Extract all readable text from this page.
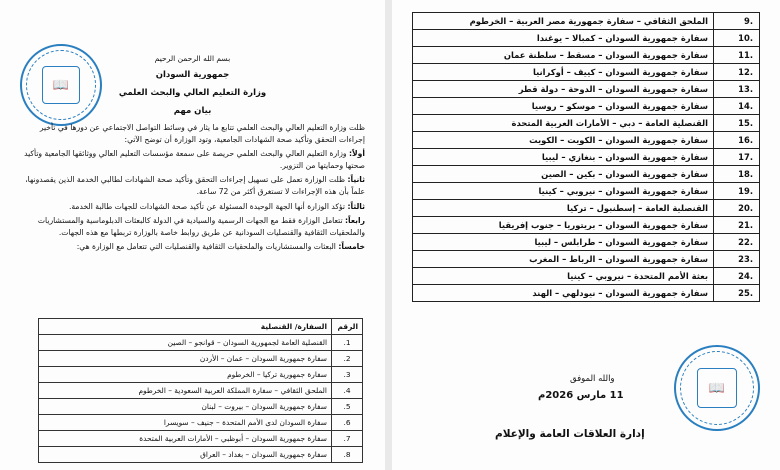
📖
بسم الله الرحمن الرحيم
جمهورية السودان
وزارة التعليم العالي والبحث العلمي
بيان مهم

ظلت وزارة التعليم العالي والبحث العلمي تتابع ما يثار في وسائط التواصل الاجتماعي عن دورها في تأخير إجراءات التحقق وتأكيد صحة الشهادات الجامعية، وتود الوزارة أن توضح الآتي:

أولاً: وزارة التعليم العالي والبحث العلمي حريصة على سمعة مؤسسات التعليم العالي ووثائقها الجامعية وتأكيد صحتها وحمايتها من التزوير.

ثانياً: ظلت الوزارة تعمل على تسهيل إجراءات التحقق وتأكيد صحة الشهادات لطالبي الخدمة الذين يقصدونها، علماً بأن هذه الإجراءات لا تستغرق أكثر من 72 ساعة.

ثالثاً: تؤكد الوزارة أنها الجهة الوحيدة المسئولة عن تأكيد صحة الشهادات للجهات طالبة الخدمة.

رابعاً: تتعامل الوزارة فقط مع الجهات الرسمية والسيادية في الدولة كالبعثات الدبلوماسية والمستشاريات والملحقيات الثقافية والقنصليات السودانية عن طريق روابط خاصة بالوزارة تربطها مع هذه الجهات.

خامساً: البعثات والمستشاريات والملحقيات الثقافية والقنصليات التي تتعامل مع الوزارة هي:

الرقم	السفارة/ القنصلية
1.	القنصلية العامة لجمهورية السودان – قوانجو – الصين
2.	سفارة جمهورية السودان – عمان – الأردن
3.	سفارة جمهورية تركيا – الخرطوم
4.	الملحق الثقافي – سفارة المملكة العربية السعودية – الخرطوم
5.	سفارة جمهورية السودان – بيروت – لبنان
6.	سفارة السودان لدى الأمم المتحدة – جنيف – سويسرا
7.	سفارة جمهورية السودان – أبوظبي – الأمارات العربية المتحدة
8.	سفارة جمهورية السودان – بغداد – العراق
.9	الملحق الثقافي – سفارة جمهورية مصر العربية – الخرطوم
.10	سفارة جمهورية السودان – كمبالا – يوغندا
.11	سفارة جمهورية السودان – مسقط – سلطنة عمان
.12	سفارة جمهورية السودان – كييف – أوكرانيا
.13	سفارة جمهورية السودان – الدوحة – دولة قطر
.14	سفارة جمهورية السودان – موسكو – روسيا
.15	القنصلية العامة – دبي – الأمارات العربية المتحدة
.16	سفارة جمهورية السودان – الكويت – الكويت
.17	سفارة جمهورية السودان – بنغازي – ليبيا
.18	سفارة جمهورية السودان – بكين – الصين
.19	سفارة جمهورية السودان – نيروبي – كينيا
.20	القنصلية العامة – إسطنبول – تركيا
.21	سفارة جمهورية السودان – بريتوريا – جنوب إفريقيا
.22	سفارة جمهورية السودان – طرابلس – ليبيا
.23	سفارة جمهورية السودان – الرباط – المغرب
.24	بعثة الأمم المتحدة – نيروبي – كينيا
.25	سفارة جمهورية السودان – نيودلهي – الهند
والله الموفق
11 مارس 2026م
إدارة العلاقات العامة والإعلام
📖
